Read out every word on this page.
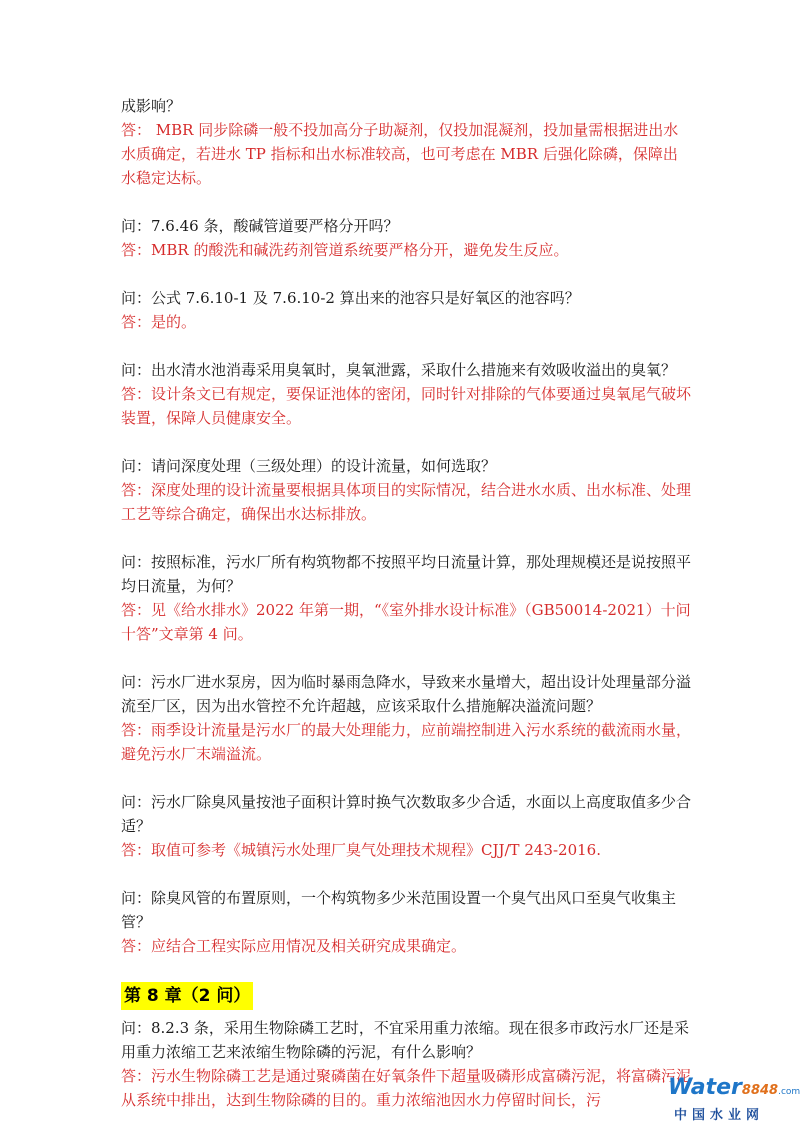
成影响？
答： MBR 同步除磷一般不投加高分子助凝剂，仅投加混凝剂，投加量需根据进出水水质确定，若进水 TP 指标和出水标准较高，也可考虑在 MBR 后强化除磷，保障出水稳定达标。
问：7.6.46 条，酸碱管道要严格分开吗？
答：MBR 的酸洗和碱洗药剂管道系统要严格分开，避免发生反应。
问：公式 7.6.10-1 及 7.6.10-2 算出来的池容只是好氧区的池容吗？
答：是的。
问：出水清水池消毒采用臭氧时，臭氧泄露，采取什么措施来有效吸收溢出的臭氧？
答：设计条文已有规定，要保证池体的密闭，同时针对排除的气体要通过臭氧尾气破坏装置，保障人员健康安全。
问：请问深度处理（三级处理）的设计流量，如何选取？
答：深度处理的设计流量要根据具体项目的实际情况，结合进水水质、出水标准、处理工艺等综合确定，确保出水达标排放。
问：按照标准，污水厂所有构筑物都不按照平均日流量计算，那处理规模还是说按照平均日流量，为何？
答：见《给水排水》2022 年第一期，“《室外排水设计标准》（GB50014-2021）十问十答”文章第 4 问。
问：污水厂进水泵房，因为临时暴雨急降水，导致来水量增大，超出设计处理量部分溢流至厂区，因为出水管控不允许超越，应该采取什么措施解决溢流问题？
答：雨季设计流量是污水厂的最大处理能力，应前端控制进入污水系统的截流雨水量，避免污水厂末端溢流。
问：污水厂除臭风量按池子面积计算时换气次数取多少合适，水面以上高度取值多少合适？
答：取值可参考《城镇污水处理厂臭气处理技术规程》CJJ/T 243-2016.
问：除臭风管的布置原则，一个构筑物多少米范围设置一个臭气出风口至臭气收集主管？
答：应结合工程实际应用情况及相关研究成果确定。
第 8 章（2 问）
问：8.2.3 条，采用生物除磷工艺时，不宜采用重力浓缩。现在很多市政污水厂还是采用重力浓缩工艺来浓缩生物除磷的污泥，有什么影响？
答：污水生物除磷工艺是通过聚磷菌在好氧条件下超量吸磷形成富磷污泥，将富磷污泥从系统中排出，达到生物除磷的目的。重力浓缩池因水力停留时间长，污	Water8848.com
中国水业网
